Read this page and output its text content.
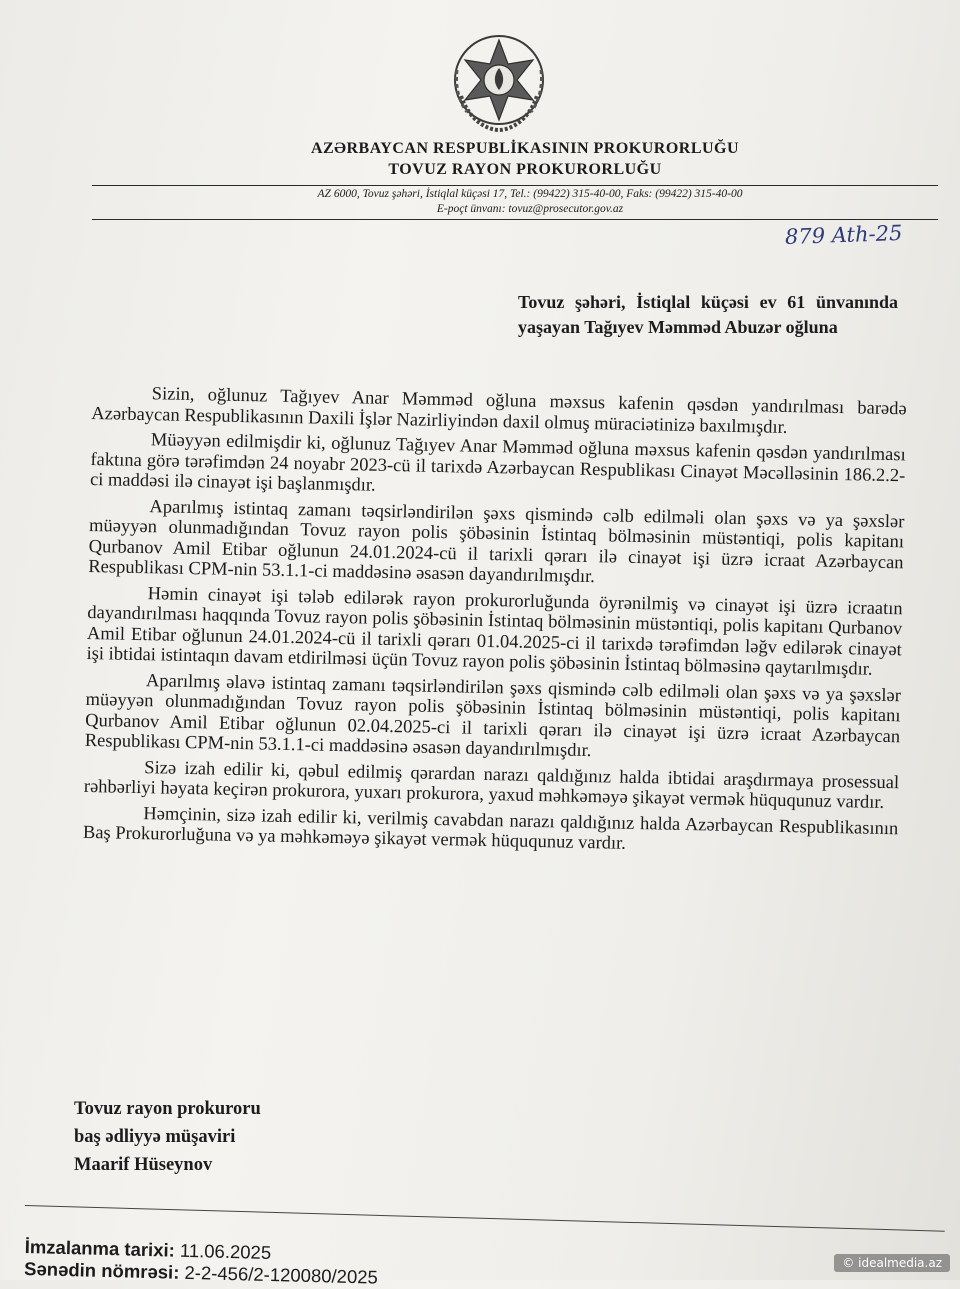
AZƏRBAYCAN RESPUBLİKASININ PROKURORLUĞU
TOVUZ RAYON PROKURORLUĞU
AZ 6000, Tovuz şəhəri, İstiqlal küçəsi 17, Tel.: (99422) 315-40-00, Faks: (99422) 315-40-00
E-poçt ünvanı: tovuz@prosecutor.gov.az
879 Ath-25
Tovuz şəhəri, İstiqlal küçəsi ev 61 ünvanında yaşayan Tağıyev Məmməd Abuzər oğluna

Sizin, oğlunuz Tağıyev Anar Məmməd oğluna məxsus kafenin qəsdən yandırılması barədə Azərbaycan Respublikasının Daxili İşlər Nazirliyindən daxil olmuş müraciətinizə baxılmışdır.

Müəyyən edilmişdir ki, oğlunuz Tağıyev Anar Məmməd oğluna məxsus kafenin qəsdən yandırılması faktına görə tərəfimdən 24 noyabr 2023-cü il tarixdə Azərbaycan Respublikası Cinayət Məcəlləsinin 186.2.2-ci maddəsi ilə cinayət işi başlanmışdır.

Aparılmış istintaq zamanı təqsirləndirilən şəxs qismində cəlb edilməli olan şəxs və ya şəxslər müəyyən olunmadığından Tovuz rayon polis şöbəsinin İstintaq bölməsinin müstəntiqi, polis kapitanı Qurbanov Amil Etibar oğlunun 24.01.2024-cü il tarixli qərarı ilə cinayət işi üzrə icraat Azərbaycan Respublikası CPM-nin 53.1.1-ci maddəsinə əsasən dayandırılmışdır.

Həmin cinayət işi tələb edilərək rayon prokurorluğunda öyrənilmiş və cinayət işi üzrə icraatın dayandırılması haqqında Tovuz rayon polis şöbəsinin İstintaq bölməsinin müstəntiqi, polis kapitanı Qurbanov Amil Etibar oğlunun 24.01.2024-cü il tarixli qərarı 01.04.2025-ci il tarixdə tərəfimdən ləğv edilərək cinayət işi ibtidai istintaqın davam etdirilməsi üçün Tovuz rayon polis şöbəsinin İstintaq bölməsinə qaytarılmışdır.

Aparılmış əlavə istintaq zamanı təqsirləndirilən şəxs qismində cəlb edilməli olan şəxs və ya şəxslər müəyyən olunmadığından Tovuz rayon polis şöbəsinin İstintaq bölməsinin müstəntiqi, polis kapitanı Qurbanov Amil Etibar oğlunun 02.04.2025-ci il tarixli qərarı ilə cinayət işi üzrə icraat Azərbaycan Respublikası CPM-nin 53.1.1-ci maddəsinə əsasən dayandırılmışdır.

Sizə izah edilir ki, qəbul edilmiş qərardan narazı qaldığınız halda ibtidai araşdırmaya prosessual rəhbərliyi həyata keçirən prokurora, yuxarı prokurora, yaxud məhkəməyə şikayət vermək hüququnuz vardır.

Həmçinin, sizə izah edilir ki, verilmiş cavabdan narazı qaldığınız halda Azərbaycan Respublikasının Baş Prokurorluğuna və ya məhkəməyə şikayət vermək hüququnuz vardır.

Tovuz rayon prokuroru
baş ədliyyə müşaviri
Maarif Hüseynov
İmzalanma tarixi: 11.06.2025
Sənədin nömrəsi: 2-2-456/2-120080/2025	© idealmedia.az
